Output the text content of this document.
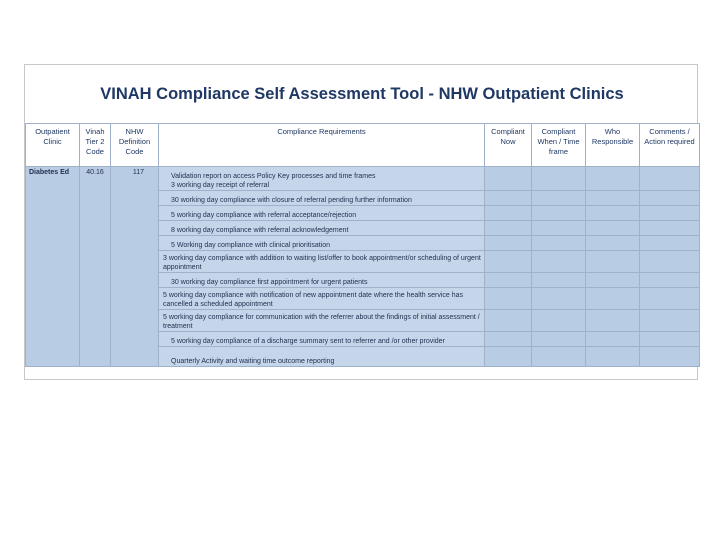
VINAH Compliance Self Assessment Tool - NHW Outpatient Clinics
Outpatient Clinic	Vinah Tier 2 Code	NHW Definition Code	Compliance Requirements	Compliant Now	Compliant When / Time frame	Who Responsible	Comments / Action required
Diabetes Ed	40.16	117	Validation report on access Policy Key processes and time frames
3 working day receipt of referral				
			30 working day compliance with closure of referral pending further information				
			5 working day compliance with referral acceptance/rejection				
			8 working day compliance with referral acknowledgement				
			5 Working day compliance with clinical prioritisation				
			3 working day compliance with addition to waiting list/offer to book appointment/or scheduling of urgent appointment				
			30 working day compliance first appointment for urgent patients				
			5 working day compliance with notification of new appointment date where the health service has cancelled a scheduled appointment				
			5 working day compliance for communication with the referrer about the findings of initial assessment / treatment				
			5 working day compliance of a discharge summary sent to referrer and /or other provider				
			Quarterly Activity and waiting time outcome reporting				
